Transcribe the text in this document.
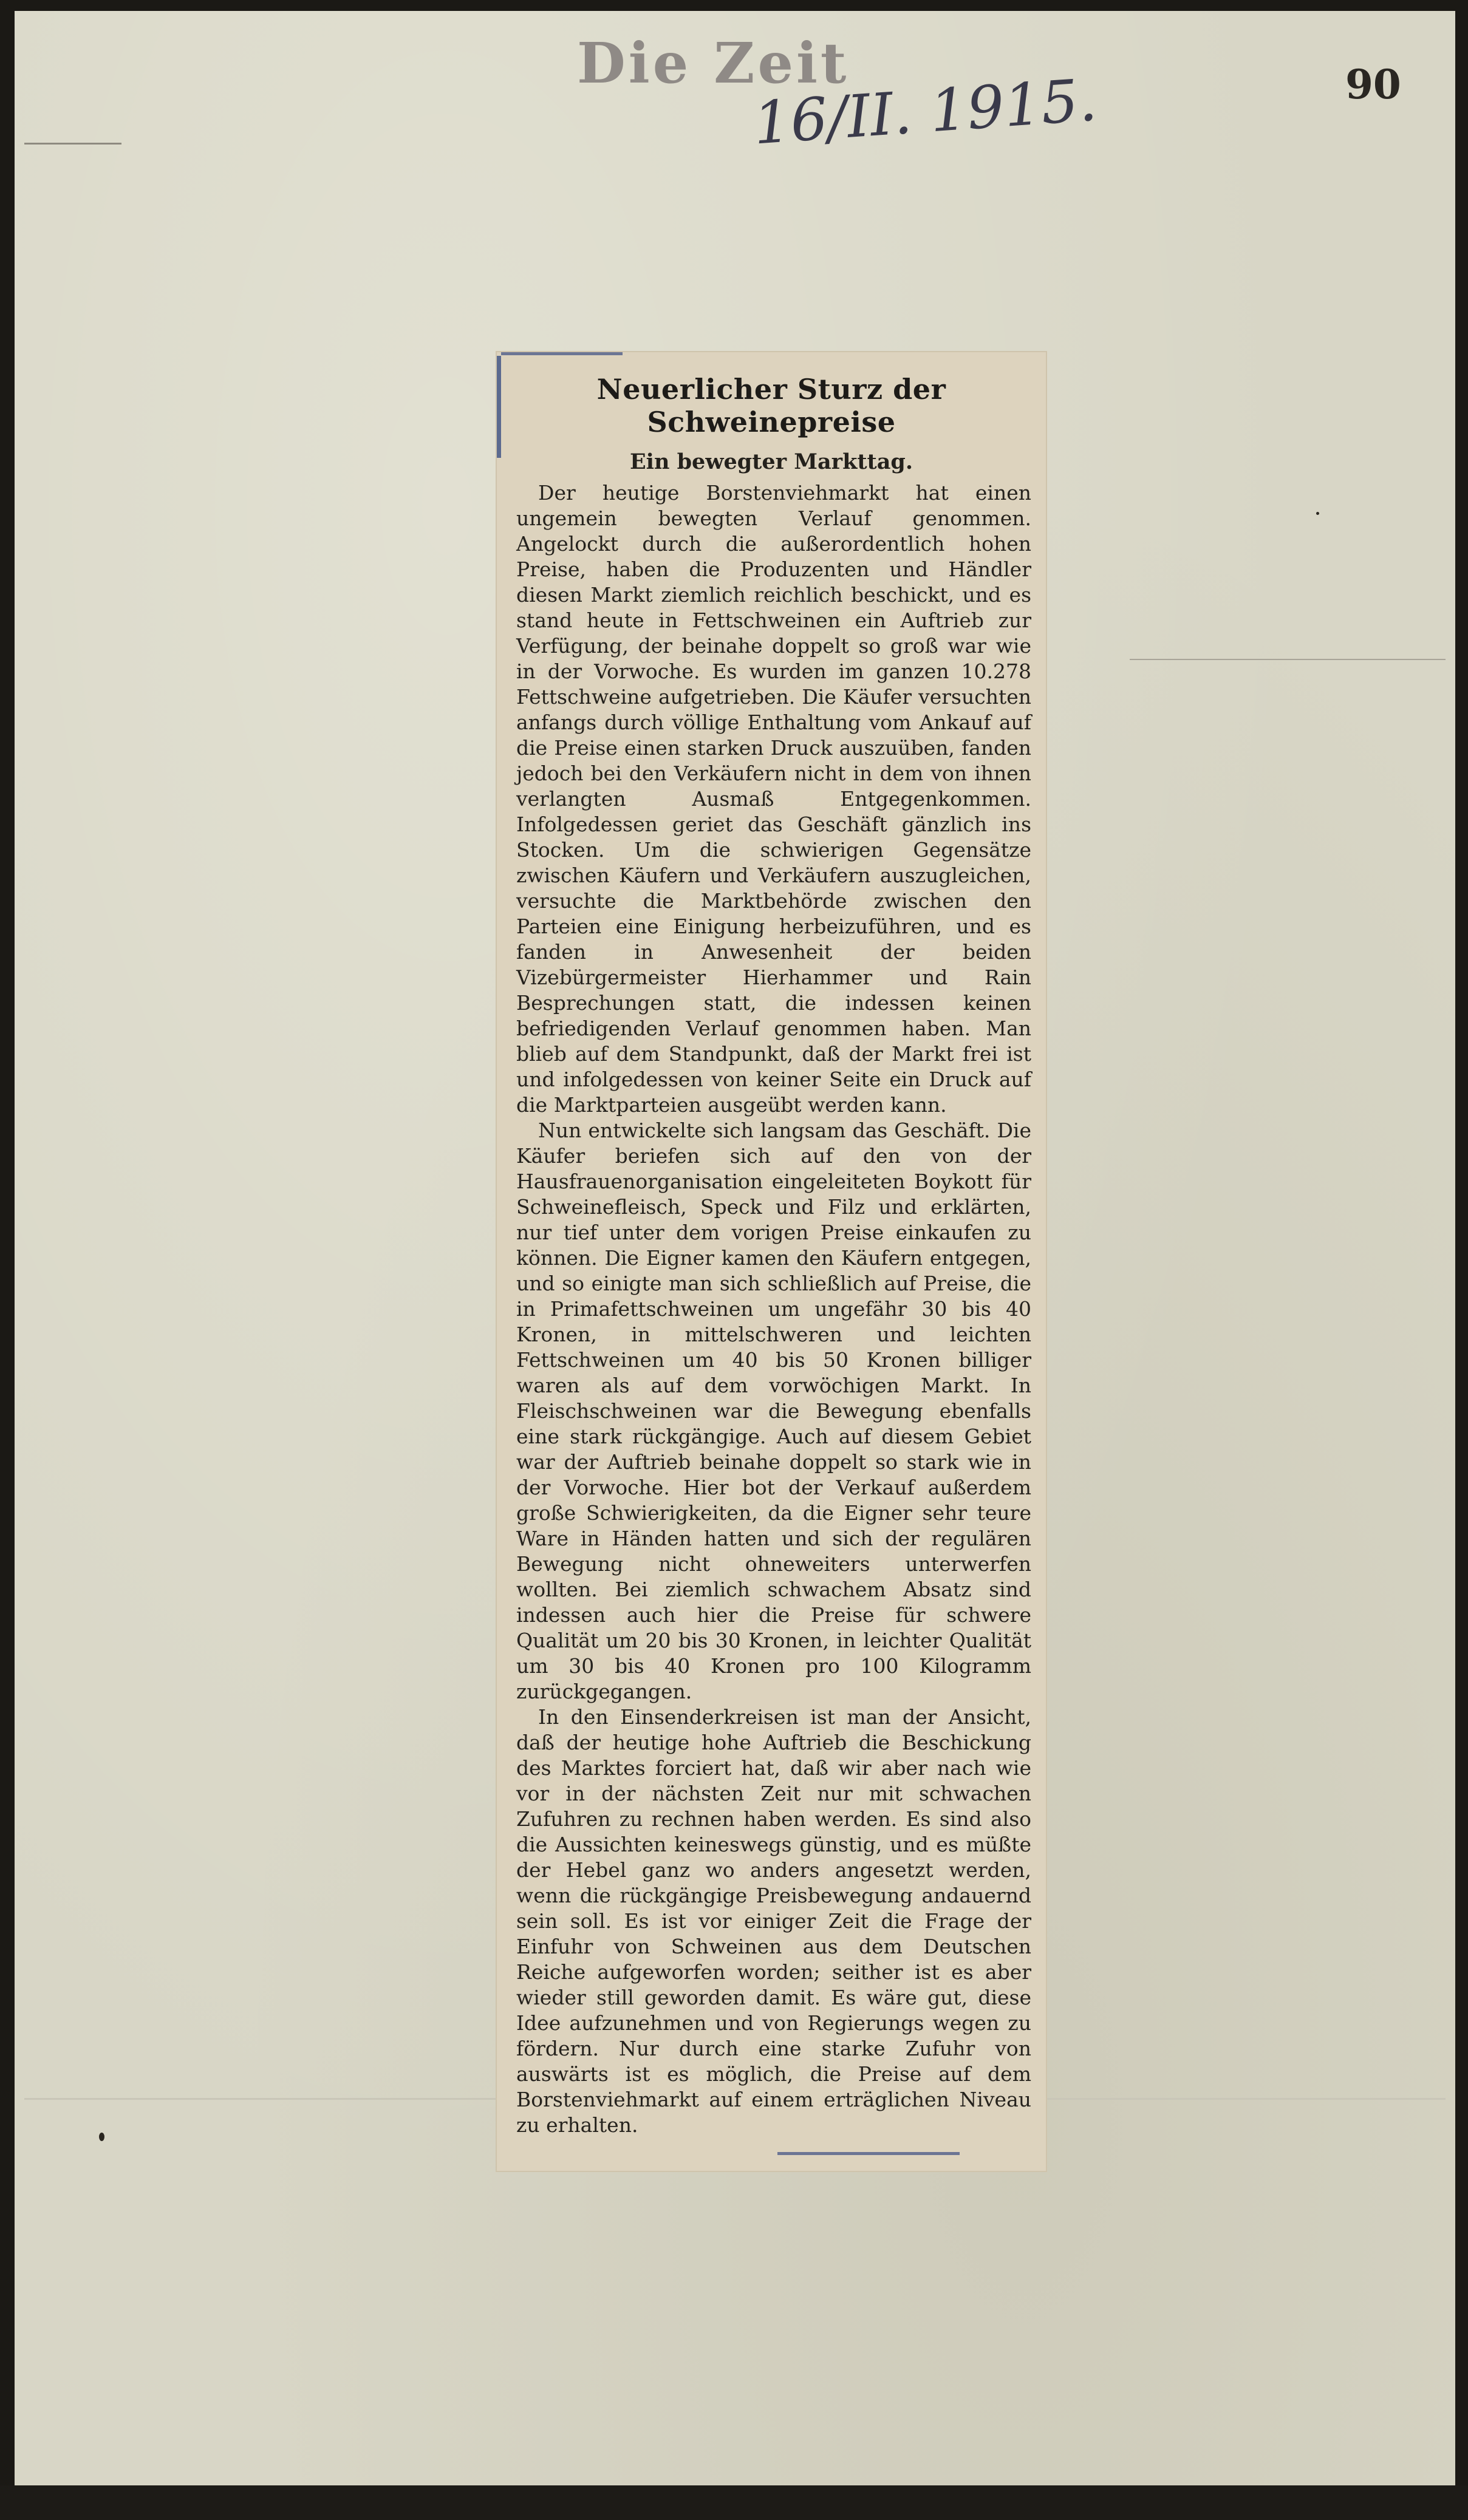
Die Zeit
16/II. 1915.	90
Neuerlicher Sturz der Schweinepreise
Ein bewegter Markttag.

Der heutige Borstenviehmarkt hat einen ungemein bewegten Verlauf genommen. Angelockt durch die außerordentlich hohen Preise, haben die Produzenten und Händler diesen Markt ziemlich reichlich beschickt, und es stand heute in Fettschweinen ein Auftrieb zur Verfügung, der beinahe doppelt so groß war wie in der Vorwoche. Es wurden im ganzen 10.278 Fettschweine aufgetrieben. Die Käufer versuchten anfangs durch völlige Enthaltung vom Ankauf auf die Preise einen starken Druck auszuüben, fanden jedoch bei den Verkäufern nicht in dem von ihnen verlangten Ausmaß Entgegenkommen. Infolgedessen geriet das Geschäft gänzlich ins Stocken. Um die schwierigen Gegensätze zwischen Käufern und Verkäufern auszugleichen, versuchte die Marktbehörde zwischen den Parteien eine Einigung herbeizuführen, und es fanden in Anwesenheit der beiden Vizebürgermeister Hierhammer und Rain Besprechungen statt, die indessen keinen befriedigenden Verlauf genommen haben. Man blieb auf dem Standpunkt, daß der Markt frei ist und infolgedessen von keiner Seite ein Druck auf die Marktparteien ausgeübt werden kann.

Nun entwickelte sich langsam das Geschäft. Die Käufer beriefen sich auf den von der Hausfrauenorganisation eingeleiteten Boykott für Schweinefleisch, Speck und Filz und erklärten, nur tief unter dem vorigen Preise einkaufen zu können. Die Eigner kamen den Käufern entgegen, und so einigte man sich schließlich auf Preise, die in Primafettschweinen um ungefähr 30 bis 40 Kronen, in mittelschweren und leichten Fettschweinen um 40 bis 50 Kronen billiger waren als auf dem vorwöchigen Markt. In Fleischschweinen war die Bewegung ebenfalls eine stark rückgängige. Auch auf diesem Gebiet war der Auftrieb beinahe doppelt so stark wie in der Vorwoche. Hier bot der Verkauf außerdem große Schwierigkeiten, da die Eigner sehr teure Ware in Händen hatten und sich der regulären Bewegung nicht ohneweiters unterwerfen wollten. Bei ziemlich schwachem Absatz sind indessen auch hier die Preise für schwere Qualität um 20 bis 30 Kronen, in leichter Qualität um 30 bis 40 Kronen pro 100 Kilogramm zurückgegangen.

In den Einsenderkreisen ist man der Ansicht, daß der heutige hohe Auftrieb die Beschickung des Marktes forciert hat, daß wir aber nach wie vor in der nächsten Zeit nur mit schwachen Zufuhren zu rechnen haben werden. Es sind also die Aussichten keineswegs günstig, und es müßte der Hebel ganz wo anders angesetzt werden, wenn die rückgängige Preisbewegung andauernd sein soll. Es ist vor einiger Zeit die Frage der Einfuhr von Schweinen aus dem Deutschen Reiche aufgeworfen worden; seither ist es aber wieder still geworden damit. Es wäre gut, diese Idee aufzunehmen und von Regierungs wegen zu fördern. Nur durch eine starke Zufuhr von auswärts ist es möglich, die Preise auf dem Borstenviehmarkt auf einem erträglichen Niveau zu erhalten.
